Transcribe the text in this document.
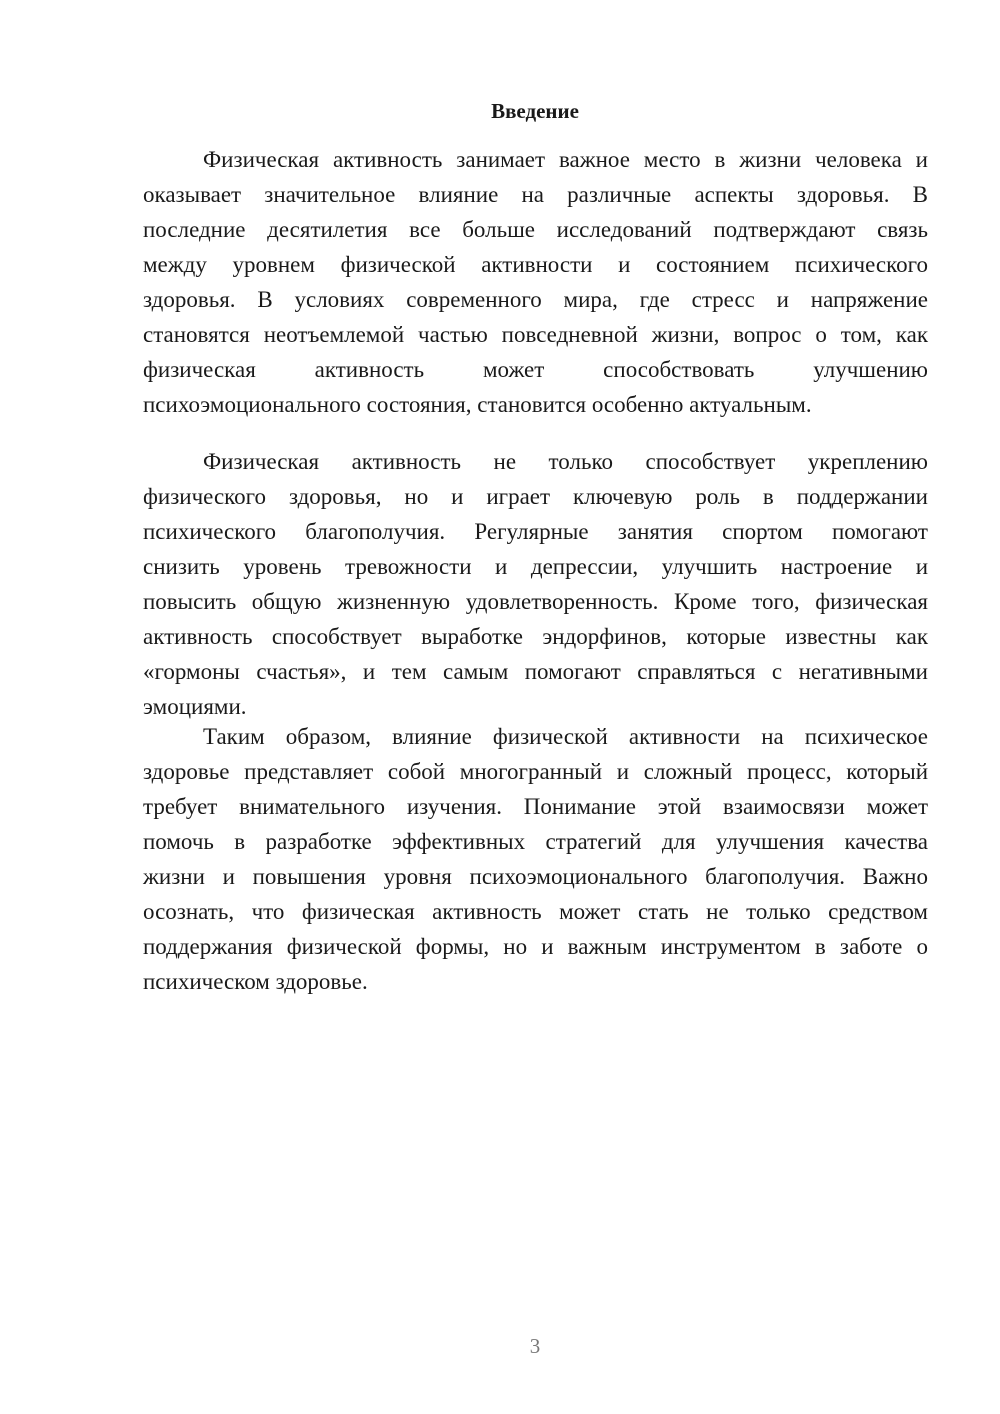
Введение
Физическая активность занимает важное место в жизни человека и
оказывает значительное влияние на различные аспекты здоровья. В
последние десятилетия все больше исследований подтверждают связь
между уровнем физической активности и состоянием психического
здоровья. В условиях современного мира, где стресс и напряжение
становятся неотъемлемой частью повседневной жизни, вопрос о том, как
физическая активность может способствовать улучшению
психоэмоционального состояния, становится особенно актуальным.
Физическая активность не только способствует укреплению
физического здоровья, но и играет ключевую роль в поддержании
психического благополучия. Регулярные занятия спортом помогают
снизить уровень тревожности и депрессии, улучшить настроение и
повысить общую жизненную удовлетворенность. Кроме того, физическая
активность способствует выработке эндорфинов, которые известны как
«гормоны счастья», и тем самым помогают справляться с негативными
эмоциями.
Таким образом, влияние физической активности на психическое
здоровье представляет собой многогранный и сложный процесс, который
требует внимательного изучения. Понимание этой взаимосвязи может
помочь в разработке эффективных стратегий для улучшения качества
жизни и повышения уровня психоэмоционального благополучия. Важно
осознать, что физическая активность может стать не только средством
поддержания физической формы, но и важным инструментом в заботе о
психическом здоровье.
3
